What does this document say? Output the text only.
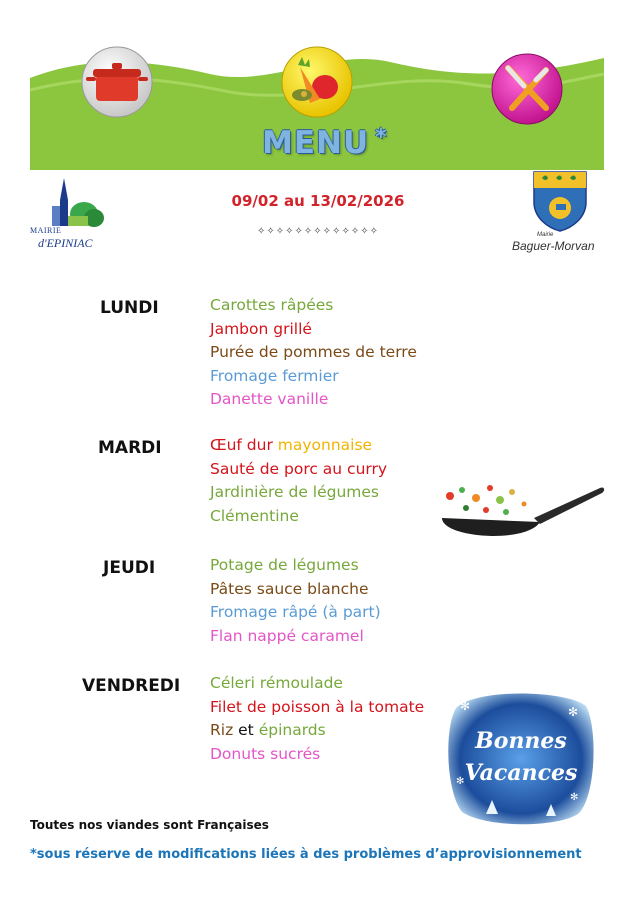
MENU *
MAIRIE
d'EPINIAC
Mairie
Baguer-Morvan
09/02 au 13/02/2026
✧✧✧✧✧✧✧✧✧✧✧✧✧
LUNDI	Carottes râpées
Jambon grillé
Purée de pommes de terre
Fromage fermier
Danette vanille
MARDI	Œuf dur mayonnaise
Sauté de porc au curry
Jardinière de légumes
Clémentine
JEUDI	Potage de légumes
Pâtes sauce blanche
Fromage râpé (à part)
Flan nappé caramel
VENDREDI Céleri rémoulade
Filet de poisson à la tomate
Riz et épinards
Donuts sucrés
✻	✻
✻
✻
Bonnes
Vacances
Toutes nos viandes sont Françaises
*sous réserve de modifications liées à des problèmes d’approvisionnement
